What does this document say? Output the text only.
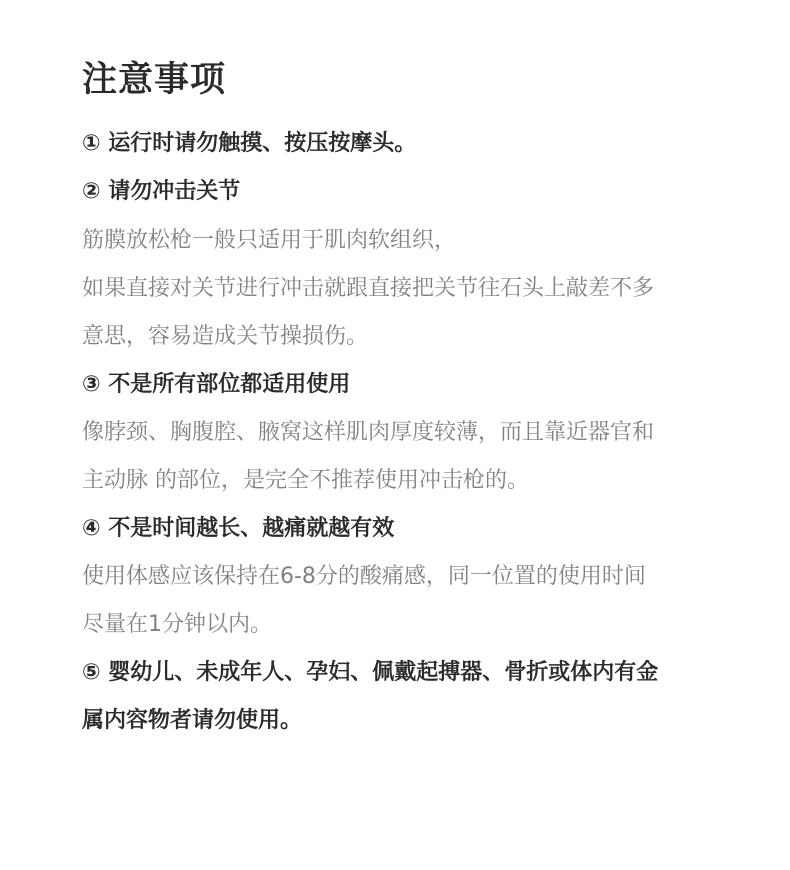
注意事项
① 运行时请勿触摸、按压按摩头。
② 请勿冲击关节
筋膜放松枪一般只适用于肌肉软组织，
如果直接对关节进行冲击就跟直接把关节往石头上敲差不多
意思，容易造成关节操损伤。
③ 不是所有部位都适用使用
像脖颈、胸腹腔、腋窝这样肌肉厚度较薄，而且靠近器官和
主动脉 的部位，是完全不推荐使用冲击枪的。
④ 不是时间越长、越痛就越有效
使用体感应该保持在6-8分的酸痛感，同一位置的使用时间
尽量在1分钟以内。
⑤ 婴幼儿、未成年人、孕妇、佩戴起搏器、骨折或体内有金
属内容物者请勿使用。
